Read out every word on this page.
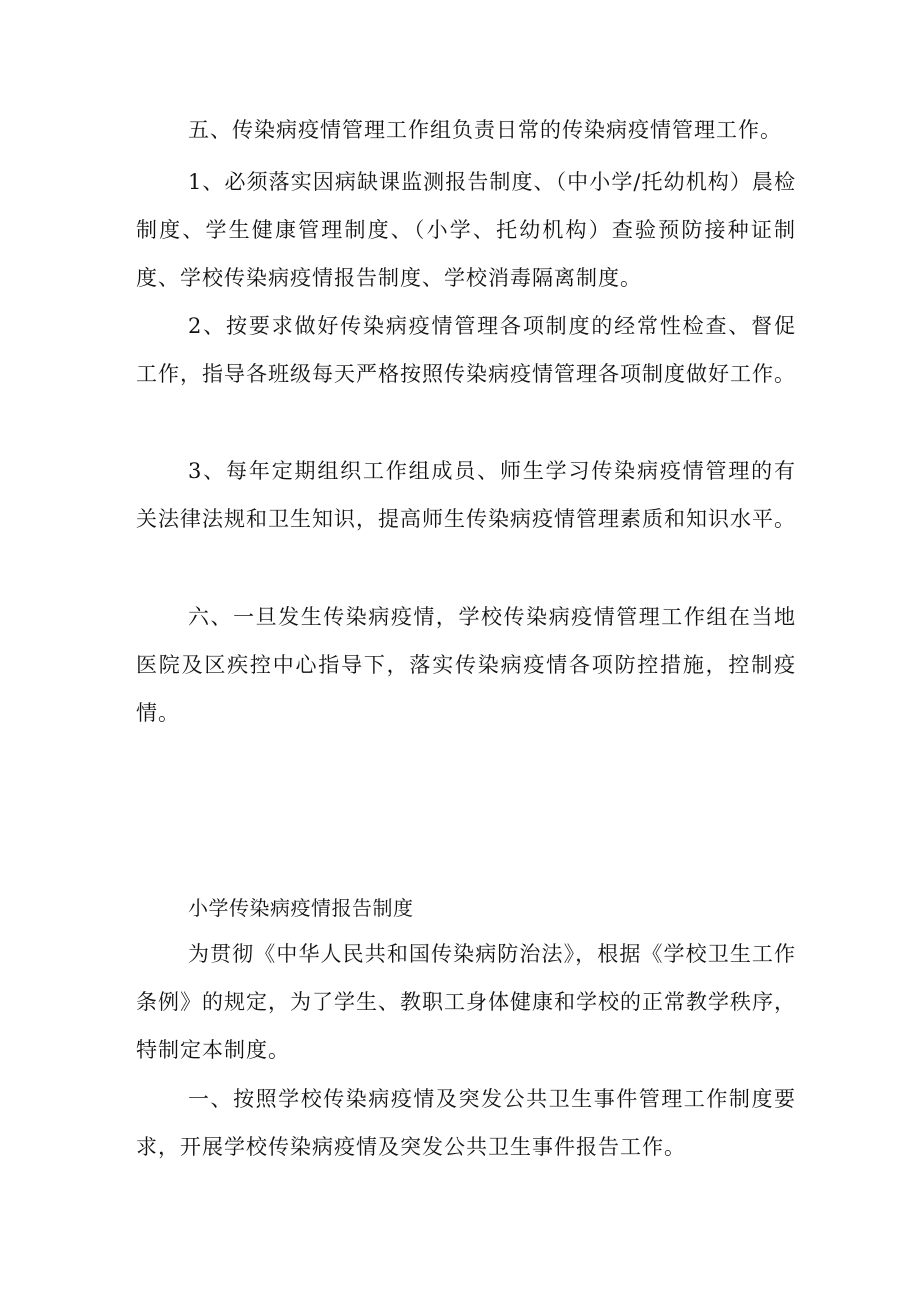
五、传染病疫情管理工作组负责日常的传染病疫情管理工作。

1、必须落实因病缺课监测报告制度、（中小学/托幼机构）晨检制度、学生健康管理制度、（小学、托幼机构）查验预防接种证制度、学校传染病疫情报告制度、学校消毒隔离制度。

2、按要求做好传染病疫情管理各项制度的经常性检查、督促工作，指导各班级每天严格按照传染病疫情管理各项制度做好工作。

3、每年定期组织工作组成员、师生学习传染病疫情管理的有关法律法规和卫生知识，提高师生传染病疫情管理素质和知识水平。

六、一旦发生传染病疫情，学校传染病疫情管理工作组在当地医院及区疾控中心指导下，落实传染病疫情各项防控措施，控制疫情。

小学传染病疫情报告制度

为贯彻《中华人民共和国传染病防治法》，根据《学校卫生工作条例》的规定，为了学生、教职工身体健康和学校的正常教学秩序，特制定本制度。

一、按照学校传染病疫情及突发公共卫生事件管理工作制度要求，开展学校传染病疫情及突发公共卫生事件报告工作。
